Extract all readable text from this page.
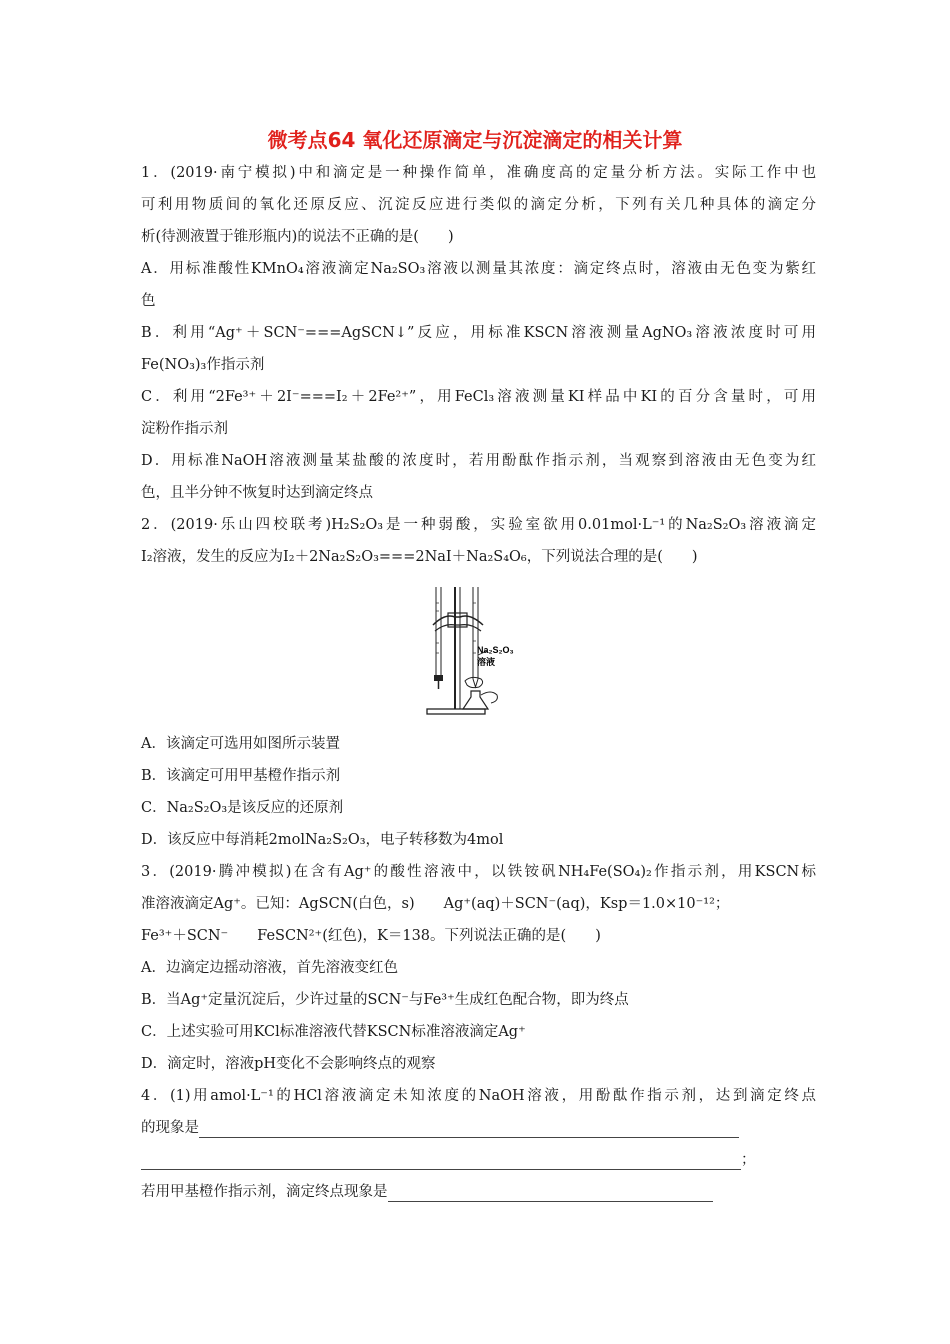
微考点64 氧化还原滴定与沉淀滴定的相关计算
1．(2019·南宁模拟)中和滴定是一种操作简单，准确度高的定量分析方法。实际工作中也
可利用物质间的氧化还原反应、沉淀反应进行类似的滴定分析，下列有关几种具体的滴定分
析(待测液置于锥形瓶内)的说法不正确的是(　　)
A．用标准酸性KMnO₄溶液滴定Na₂SO₃溶液以测量其浓度：滴定终点时，溶液由无色变为紫红
色
B．利用“Ag⁺＋SCN⁻===AgSCN↓”反应，用标准KSCN溶液测量AgNO₃溶液浓度时可用
Fe(NO₃)₃作指示剂
C．利用“2Fe³⁺＋2I⁻===I₂＋2Fe²⁺”，用FeCl₃溶液测量KI样品中KI的百分含量时，可用
淀粉作指示剂
D．用标准NaOH溶液测量某盐酸的浓度时，若用酚酞作指示剂，当观察到溶液由无色变为红
色，且半分钟不恢复时达到滴定终点
2．(2019·乐山四校联考)H₂S₂O₃是一种弱酸，实验室欲用0.01mol·L⁻¹的Na₂S₂O₃溶液滴定
I₂溶液，发生的反应为I₂＋2Na₂S₂O₃===2NaI＋Na₂S₄O₆，下列说法合理的是(　　)
Na₂S₂O₃
溶液
A．该滴定可选用如图所示装置
B．该滴定可用甲基橙作指示剂
C．Na₂S₂O₃是该反应的还原剂
D．该反应中每消耗2molNa₂S₂O₃，电子转移数为4mol
3．(2019·腾冲模拟)在含有Ag⁺的酸性溶液中，以铁铵矾NH₄Fe(SO₄)₂作指示剂，用KSCN标
准溶液滴定Ag⁺。已知：AgSCN(白色，s)　　Ag⁺(aq)＋SCN⁻(aq)，Ksp＝1.0×10⁻¹²；
Fe³⁺＋SCN⁻　　FeSCN²⁺(红色)，K＝138。下列说法正确的是(　　)
A．边滴定边摇动溶液，首先溶液变红色
B．当Ag⁺定量沉淀后，少许过量的SCN⁻与Fe³⁺生成红色配合物，即为终点
C．上述实验可用KCl标准溶液代替KSCN标准溶液滴定Ag⁺
D．滴定时，溶液pH变化不会影响终点的观察
4．(1)用amol·L⁻¹的HCl溶液滴定未知浓度的NaOH溶液，用酚酞作指示剂，达到滴定终点
的现象是
；
若用甲基橙作指示剂，滴定终点现象是
